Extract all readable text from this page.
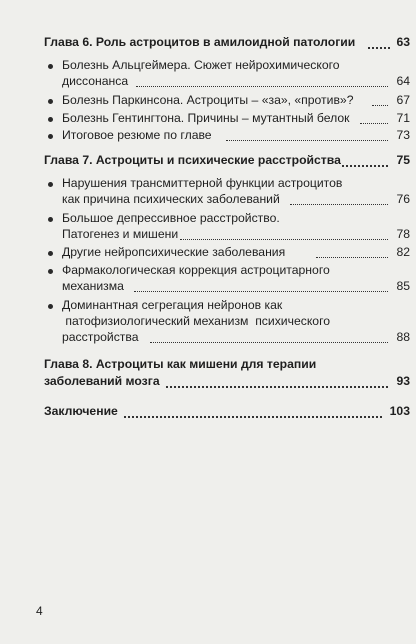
Глава 6. Роль астроцитов в амилоидной патологии	63
Болезнь Альцгеймера. Сюжет нейрохимического
диссонанса	64
Болезнь Паркинсона. Астроциты – «за», «против»?	67
Болезнь Гентингтона. Причины – мутантный белок	71
Итоговое резюме по главе	73
Глава 7. Астроциты и психические расстройства	75
Нарушения трансмиттерной функции астроцитов
как причина психических заболеваний	76
Большое депрессивное расстройство.
Патогенез и мишени	78
Другие нейропсихические заболевания	82
Фармакологическая коррекция астроцитарного
механизма	85
Доминантная сегрегация нейронов как
патофизиологический механизм  психического
расстройства	88
Глава 8. Астроциты как мишени для терапии
заболеваний мозга	93
Заключение	103
4
